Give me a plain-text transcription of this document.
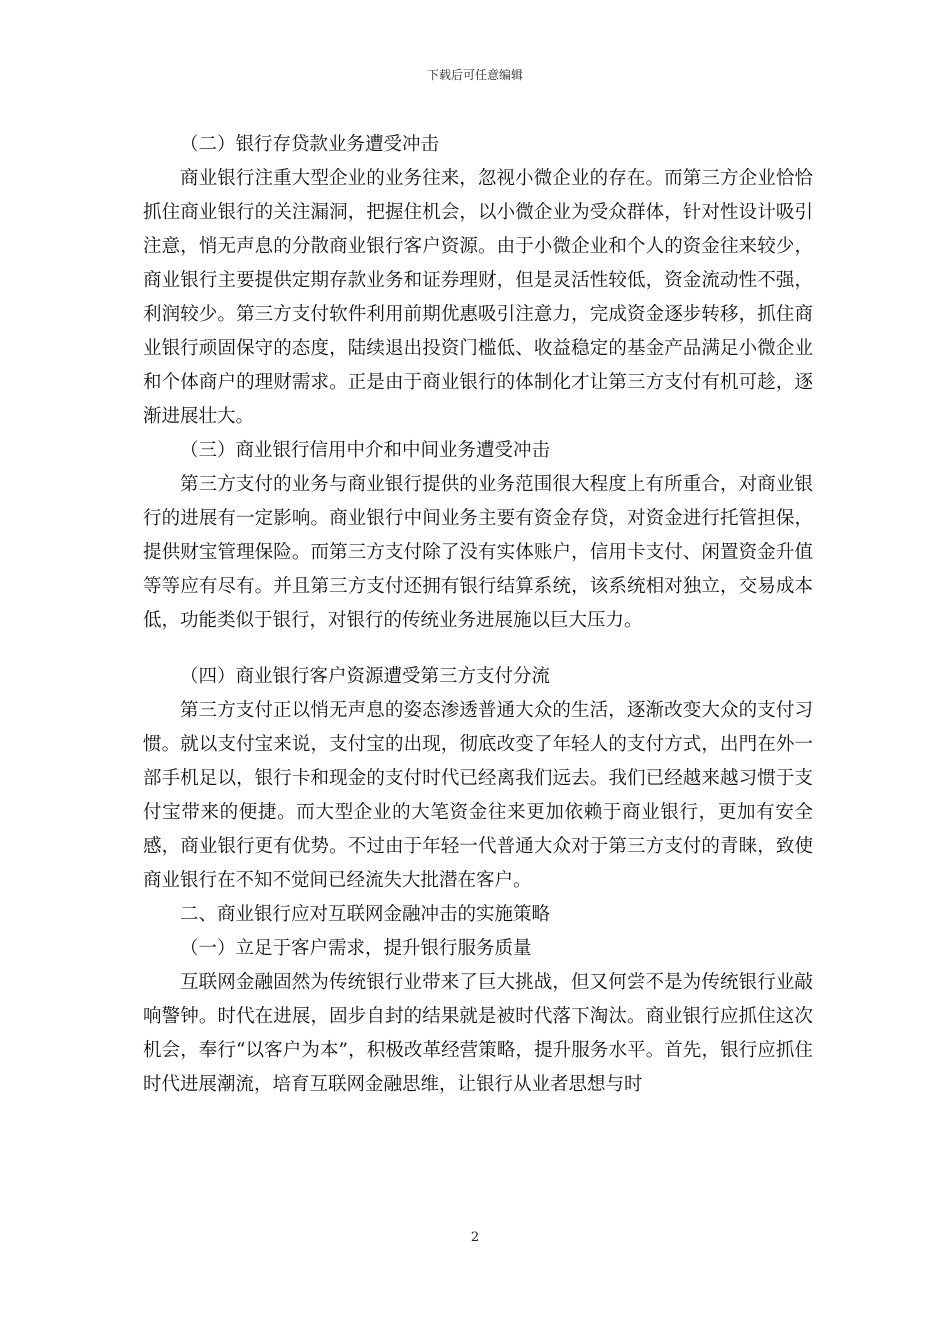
下载后可任意编辑

（二）银行存贷款业务遭受冲击

商业银行注重大型企业的业务往来，忽视小微企业的存在。而第三方企业恰恰抓住商业银行的关注漏洞，把握住机会，以小微企业为受众群体，针对性设计吸引注意，悄无声息的分散商业银行客户资源。由于小微企业和个人的资金往来较少，商业银行主要提供定期存款业务和证券理财，但是灵活性较低，资金流动性不强，利润较少。第三方支付软件利用前期优惠吸引注意力，完成资金逐步转移，抓住商业银行顽固保守的态度，陆续退出投资门槛低、收益稳定的基金产品满足小微企业和个体商户的理财需求。正是由于商业银行的体制化才让第三方支付有机可趁，逐渐进展壮大。

（三）商业银行信用中介和中间业务遭受冲击

第三方支付的业务与商业银行提供的业务范围很大程度上有所重合，对商业银行的进展有一定影响。商业银行中间业务主要有资金存贷，对资金进行托管担保，提供财宝管理保险。而第三方支付除了没有实体账户，信用卡支付、闲置资金升值等等应有尽有。并且第三方支付还拥有银行结算系统，该系统相对独立，交易成本低，功能类似于银行，对银行的传统业务进展施以巨大压力。

（四）商业银行客户资源遭受第三方支付分流

第三方支付正以悄无声息的姿态渗透普通大众的生活，逐渐改变大众的支付习惯。就以支付宝来说，支付宝的出现，彻底改变了年轻人的支付方式，出門在外一部手机足以，银行卡和现金的支付时代已经离我们远去。我们已经越来越习惯于支付宝带来的便捷。而大型企业的大笔资金往来更加依赖于商业银行，更加有安全感，商业银行更有优势。不过由于年轻一代普通大众对于第三方支付的青睐，致使商业银行在不知不觉间已经流失大批潜在客户。

二、商业银行应对互联网金融冲击的实施策略

（一）立足于客户需求，提升银行服务质量

互联网金融固然为传统银行业带来了巨大挑战，但又何尝不是为传统银行业敲响警钟。时代在进展，固步自封的结果就是被时代落下淘汰。商业银行应抓住这次机会，奉行“以客户为本”，积极改革经营策略，提升服务水平。首先，银行应抓住时代进展潮流，培育互联网金融思维，让银行从业者思想与时

2
